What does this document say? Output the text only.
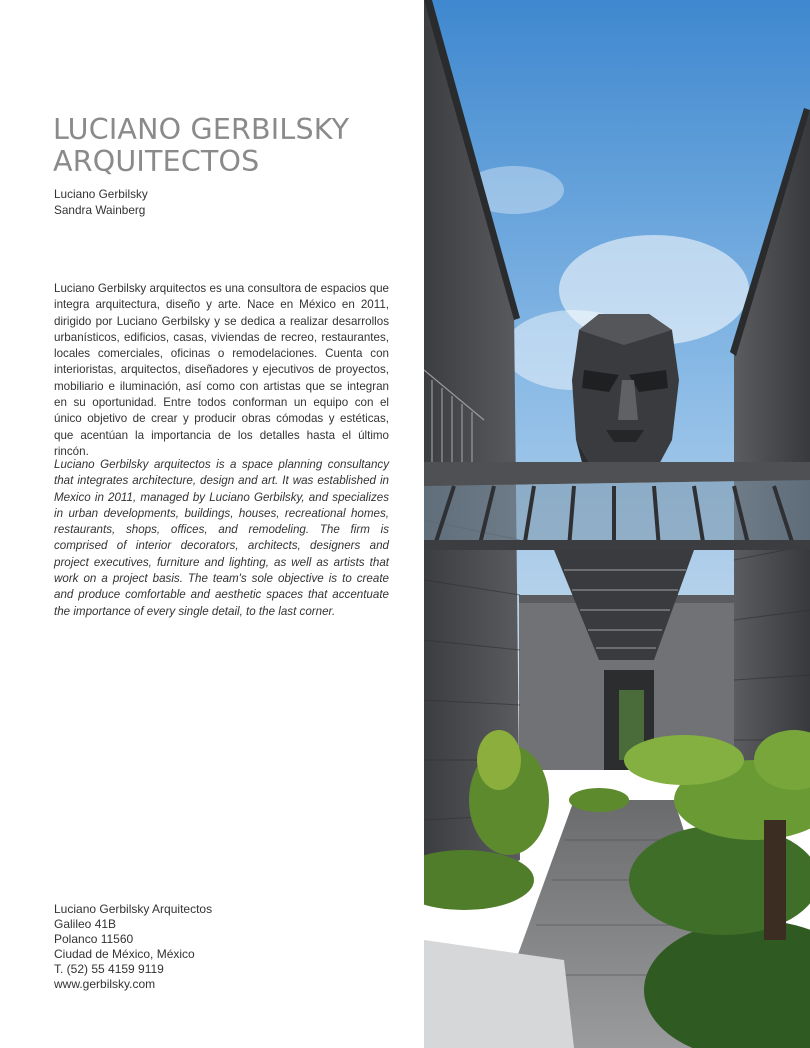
LUCIANO GERBILSKY
ARQUITECTOS
Luciano Gerbilsky
Sandra Wainberg

Luciano Gerbilsky arquitectos es una consultora de espacios que integra arquitectura, diseño y arte. Nace en México en 2011, dirigido por Luciano Gerbilsky y se dedica a realizar desarrollos urbanísticos, edificios, casas, viviendas de recreo, restaurantes, locales comerciales, oficinas o remodelaciones. Cuenta con interioristas, arquitectos, diseñadores y ejecutivos de proyectos, mobiliario e iluminación, así como con artistas que se integran en su oportunidad. Entre todos conforman un equipo con el único objetivo de crear y producir obras cómodas y estéticas, que acentúan la importancia de los detalles hasta el último rincón.

Luciano Gerbilsky arquitectos is a space planning consultancy that integrates architecture, design and art. It was established in Mexico in 2011, managed by Luciano Gerbilsky, and specializes in urban developments, buildings, houses, recreational homes, restaurants, shops, offices, and remodeling. The firm is comprised of interior decorators, architects, designers and project executives, furniture and lighting, as well as artists that work on a project basis. The team's sole objective is to create and produce comfortable and aesthetic spaces that accentuate the importance of every single detail, to the last corner.

Luciano Gerbilsky Arquitectos
Galileo 41B
Polanco 11560
Ciudad de México, México
T. (52) 55 4159 9119
www.gerbilsky.com
